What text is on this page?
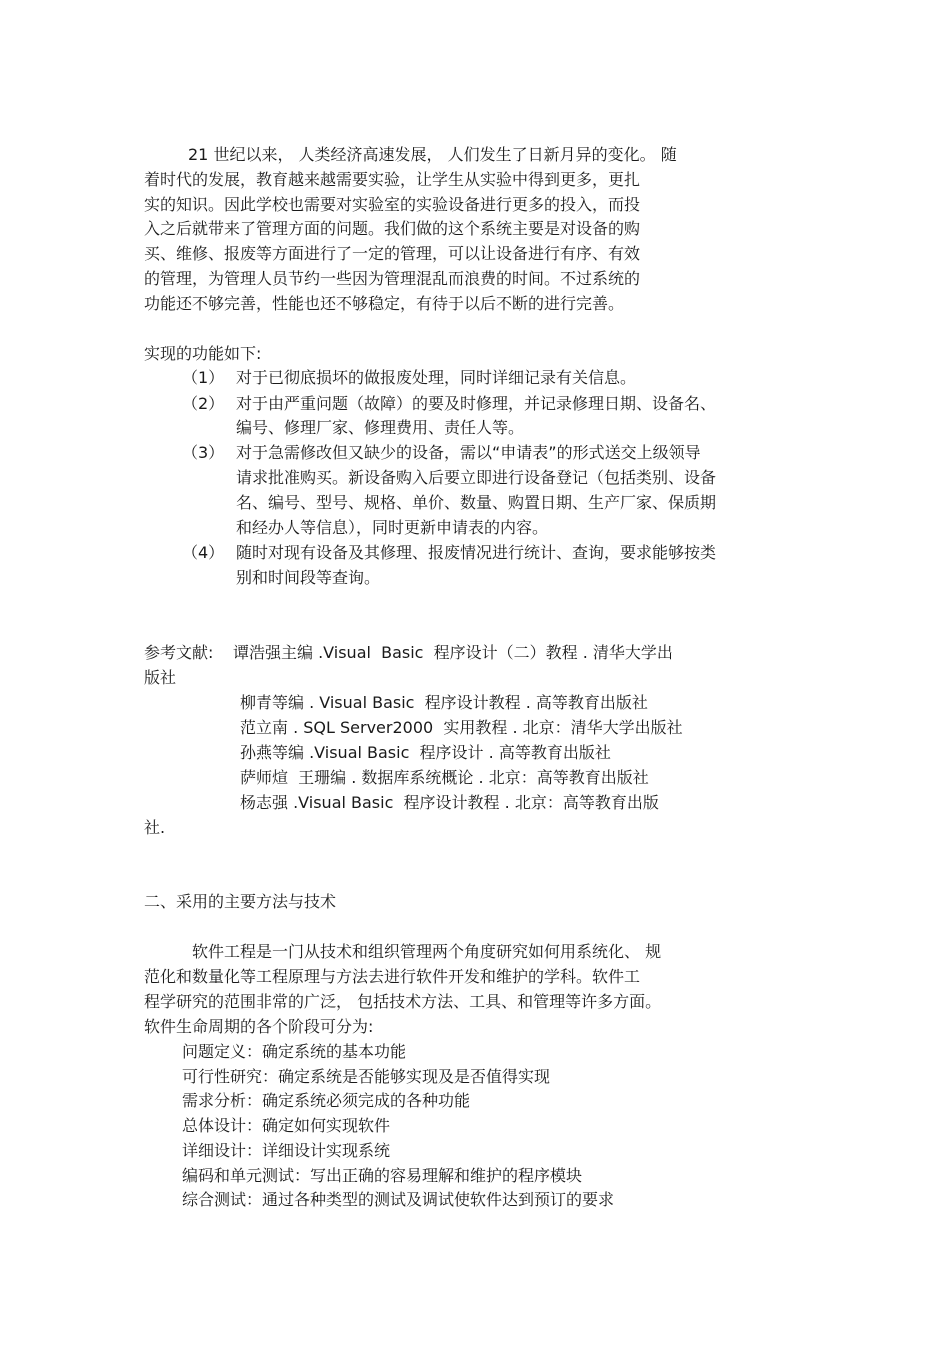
21 世纪以来， 人类经济高速发展， 人们发生了日新月异的变化。 随

着时代的发展，教育越来越需要实验，让学生从实验中得到更多，更扎

实的知识。因此学校也需要对实验室的实验设备进行更多的投入，而投

入之后就带来了管理方面的问题。我们做的这个系统主要是对设备的购

买、维修、报废等方面进行了一定的管理，可以让设备进行有序、有效

的管理，为管理人员节约一些因为管理混乱而浪费的时间。不过系统的

功能还不够完善，性能也还不够稳定，有待于以后不断的进行完善。

实现的功能如下:

（1） 对于已彻底损坏的做报废处理，同时详细记录有关信息。

（2） 对于由严重问题（故障）的要及时修理，并记录修理日期、设备名、

编号、修理厂家、修理费用、责任人等。

（3） 对于急需修改但又缺少的设备，需以“申请表”的形式送交上级领导

请求批准购买。新设备购入后要立即进行设备登记（包括类别、设备

名、编号、型号、规格、单价、数量、购置日期、生产厂家、保质期

和经办人等信息），同时更新申请表的内容。

（4） 随时对现有设备及其修理、报废情况进行统计、查询，要求能够按类

别和时间段等查询。

参考文献: 谭浩强主编 .Visual  Basic  程序设计（二）教程 . 清华大学出

版社

柳青等编 . Visual Basic  程序设计教程 . 高等教育出版社

范立南 . SQL Server2000  实用教程 . 北京：清华大学出版社

孙燕等编 .Visual Basic  程序设计 . 高等教育出版社

萨师煊  王珊编 . 数据库系统概论 . 北京：高等教育出版社

杨志强 .Visual Basic  程序设计教程 . 北京：高等教育出版

社.

二、采用的主要方法与技术

软件工程是一门从技术和组织管理两个角度研究如何用系统化、 规

范化和数量化等工程原理与方法去进行软件开发和维护的学科。软件工

程学研究的范围非常的广泛， 包括技术方法、工具、和管理等许多方面。

软件生命周期的各个阶段可分为:

问题定义：确定系统的基本功能

可行性研究：确定系统是否能够实现及是否值得实现

需求分析：确定系统必须完成的各种功能

总体设计：确定如何实现软件

详细设计：详细设计实现系统

编码和单元测试：写出正确的容易理解和维护的程序模块

综合测试：通过各种类型的测试及调试使软件达到预订的要求
